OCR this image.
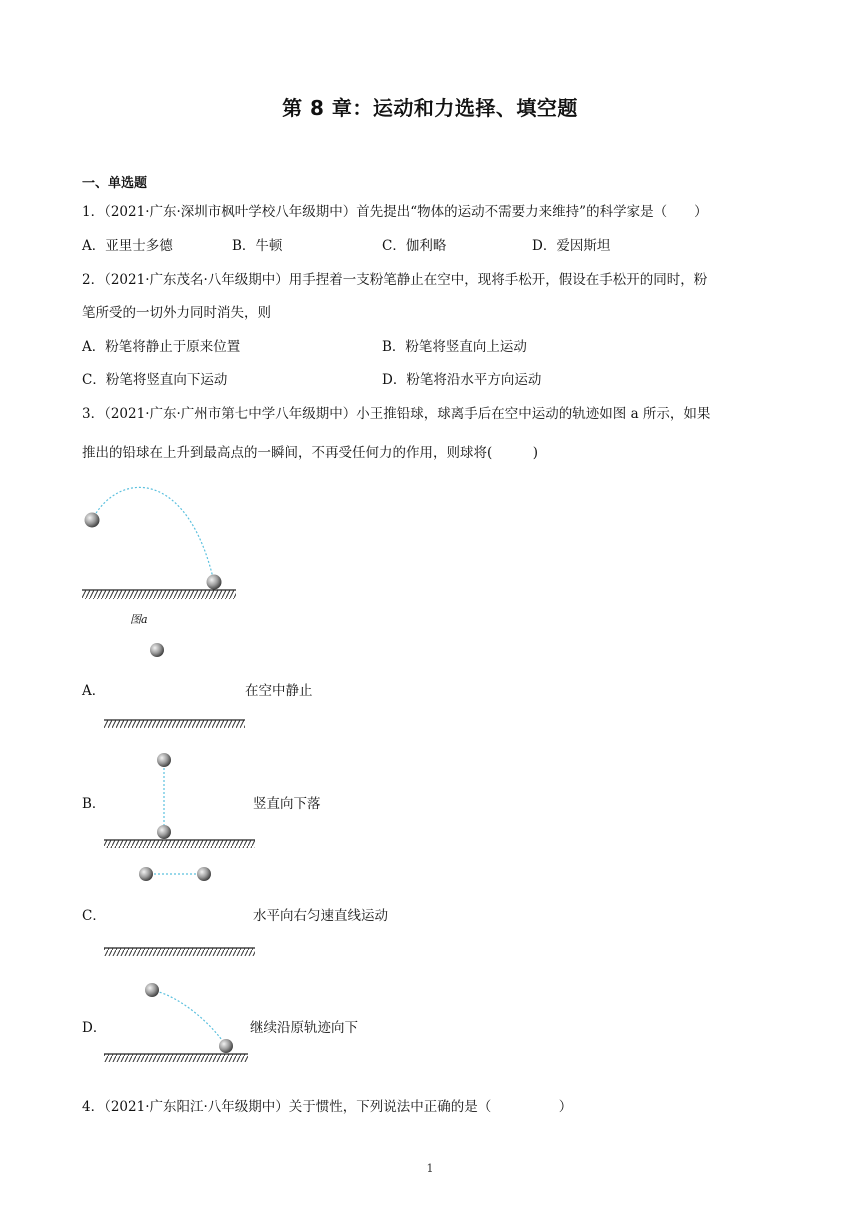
第 8 章：运动和力选择、填空题
一、单选题
1．（2021·广东·深圳市枫叶学校八年级期中）首先提出“物体的运动不需要力来维持”的科学家是（　　）
A．亚里士多德	B．牛顿	C．伽利略	D．爱因斯坦
2．（2021·广东茂名·八年级期中）用手捏着一支粉笔静止在空中，现将手松开，假设在手松开的同时，粉
笔所受的一切外力同时消失，则
A．粉笔将静止于原来位置	B．粉笔将竖直向上运动
C．粉笔将竖直向下运动	D．粉笔将沿水平方向运动
3．（2021·广东·广州市第七中学八年级期中）小王推铅球，球离手后在空中运动的轨迹如图 a 所示，如果
推出的铅球在上升到最高点的一瞬间，不再受任何力的作用，则球将(　　　)
图a
A．	在空中静止
B．	竖直向下落
C．	水平向右匀速直线运动
D．	继续沿原轨迹向下
4．（2021·广东阳江·八年级期中）关于惯性，下列说法中正确的是（　　　　　）
1
